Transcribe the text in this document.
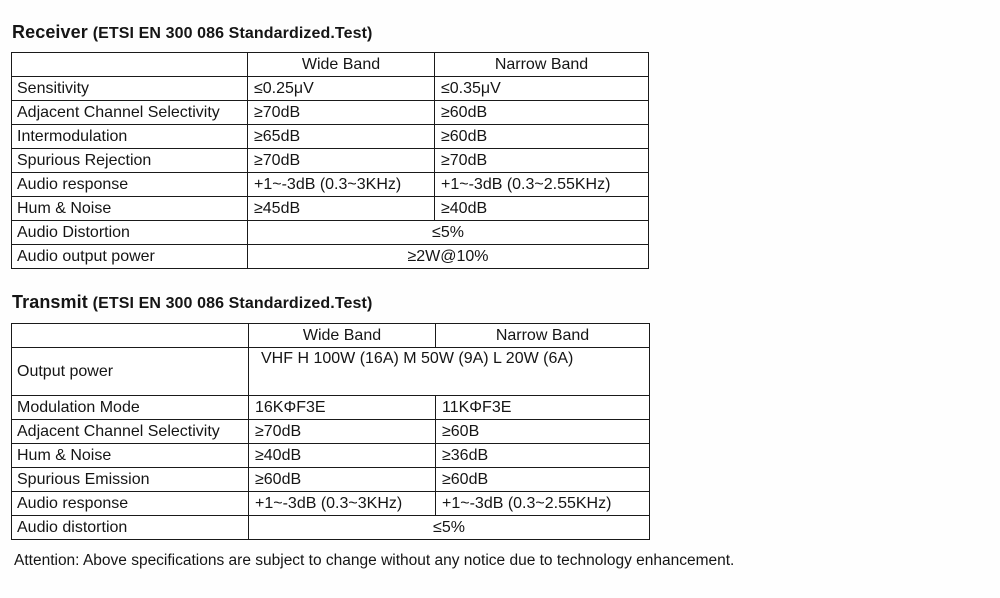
Receiver (ETSI EN 300 086 Standardized.Test)
	Wide Band	Narrow Band
Sensitivity	≤0.25μV	≤0.35μV
Adjacent Channel Selectivity	≥70dB	≥60dB
Intermodulation	≥65dB	≥60dB
Spurious Rejection	≥70dB	≥70dB
Audio response	+1~-3dB (0.3~3KHz)	+1~-3dB (0.3~2.55KHz)
Hum & Noise	≥45dB	≥40dB
Audio Distortion	≤5%	
Audio output power	≥2W@10%	
Transmit (ETSI EN 300 086 Standardized.Test)
	Wide Band	Narrow Band
Output power	VHF H 100W (16A) M 50W (9A) L 20W (6A)	
Modulation Mode	16KΦF3E	11KΦF3E
Adjacent Channel Selectivity	≥70dB	≥60B
Hum & Noise	≥40dB	≥36dB
Spurious Emission	≥60dB	≥60dB
Audio response	+1~-3dB (0.3~3KHz)	+1~-3dB (0.3~2.55KHz)
Audio distortion	≤5%	
Attention: Above specifications are subject to change without any notice due to technology enhancement.
